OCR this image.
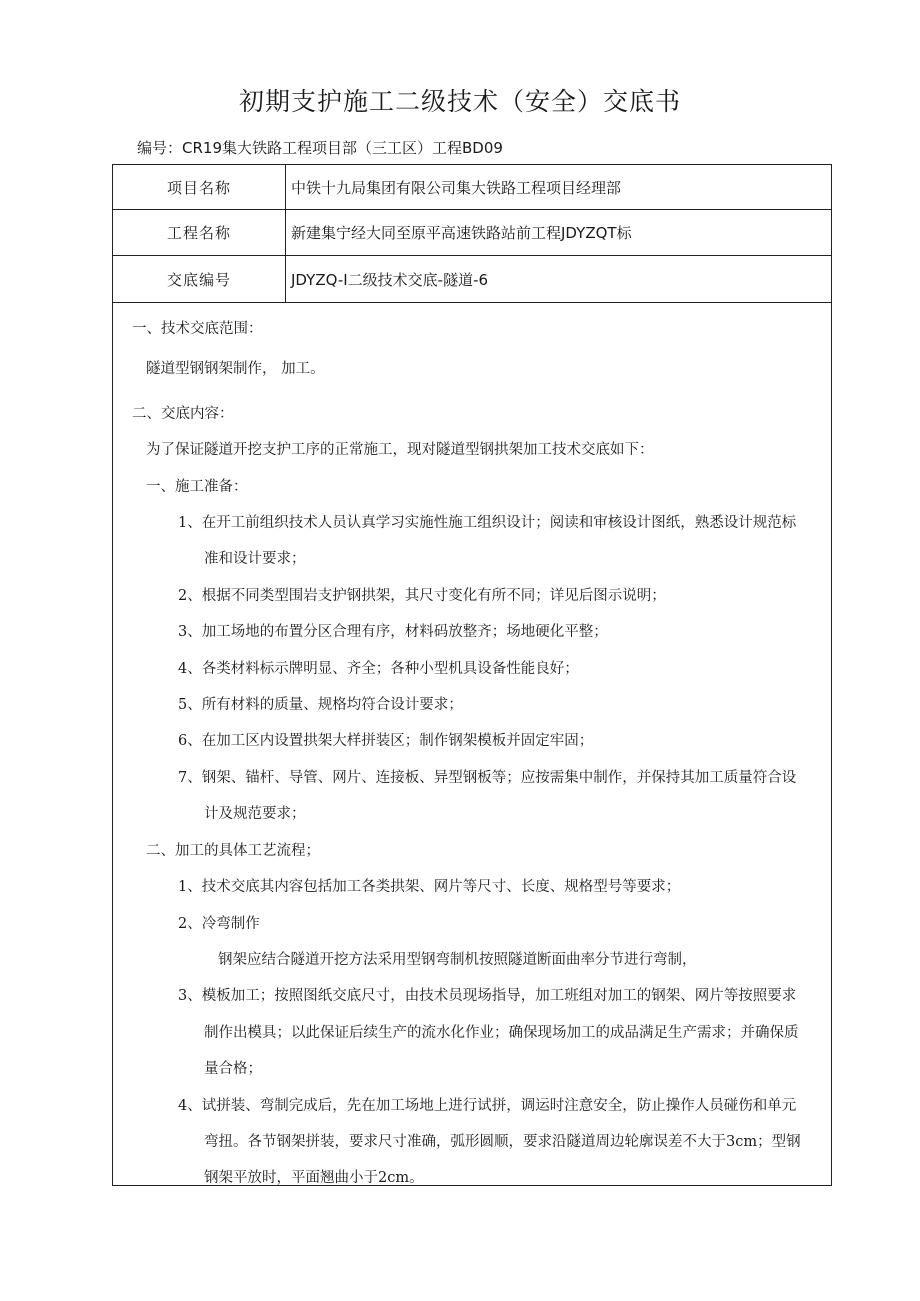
初期支护施工二级技术（安全）交底书
编号：CR19集大铁路工程项目部（三工区）工程BD09
项目名称	中铁十九局集团有限公司集大铁路工程项目经理部
工程名称	新建集宁经大同至原平高速铁路站前工程JDYZQT标
交底编号	JDYZQ-I二级技术交底-隧道-6
一、技术交底范围：
隧道型钢钢架制作， 加工。
二、交底内容：
为了保证隧道开挖支护工序的正常施工，现对隧道型钢拱架加工技术交底如下：
一、施工准备：
1、在开工前组织技术人员认真学习实施性施工组织设计；阅读和审核设计图纸，熟悉设计规范标
准和设计要求；
2、根据不同类型围岩支护钢拱架，其尺寸变化有所不同；详见后图示说明；
3、加工场地的布置分区合理有序，材料码放整齐；场地硬化平整；
4、各类材料标示牌明显、齐全；各种小型机具设备性能良好；
5、所有材料的质量、规格均符合设计要求；
6、在加工区内设置拱架大样拼装区；制作钢架模板并固定牢固；
7、钢架、锚杆、导管、网片、连接板、异型钢板等；应按需集中制作，并保持其加工质量符合设
计及规范要求；
二、加工的具体工艺流程；
1、技术交底其内容包括加工各类拱架、网片等尺寸、长度、规格型号等要求；
2、冷弯制作
钢架应结合隧道开挖方法采用型钢弯制机按照隧道断面曲率分节进行弯制，
3、模板加工；按照图纸交底尺寸，由技术员现场指导，加工班组对加工的钢架、网片等按照要求
制作出模具；以此保证后续生产的流水化作业；确保现场加工的成品满足生产需求；并确保质
量合格；
4、试拼装、弯制完成后，先在加工场地上进行试拼，调运时注意安全，防止操作人员碰伤和单元
弯扭。各节钢架拼装，要求尺寸准确，弧形圆顺，要求沿隧道周边轮廓误差不大于3cm；型钢
钢架平放时，平面翘曲小于2cm。
